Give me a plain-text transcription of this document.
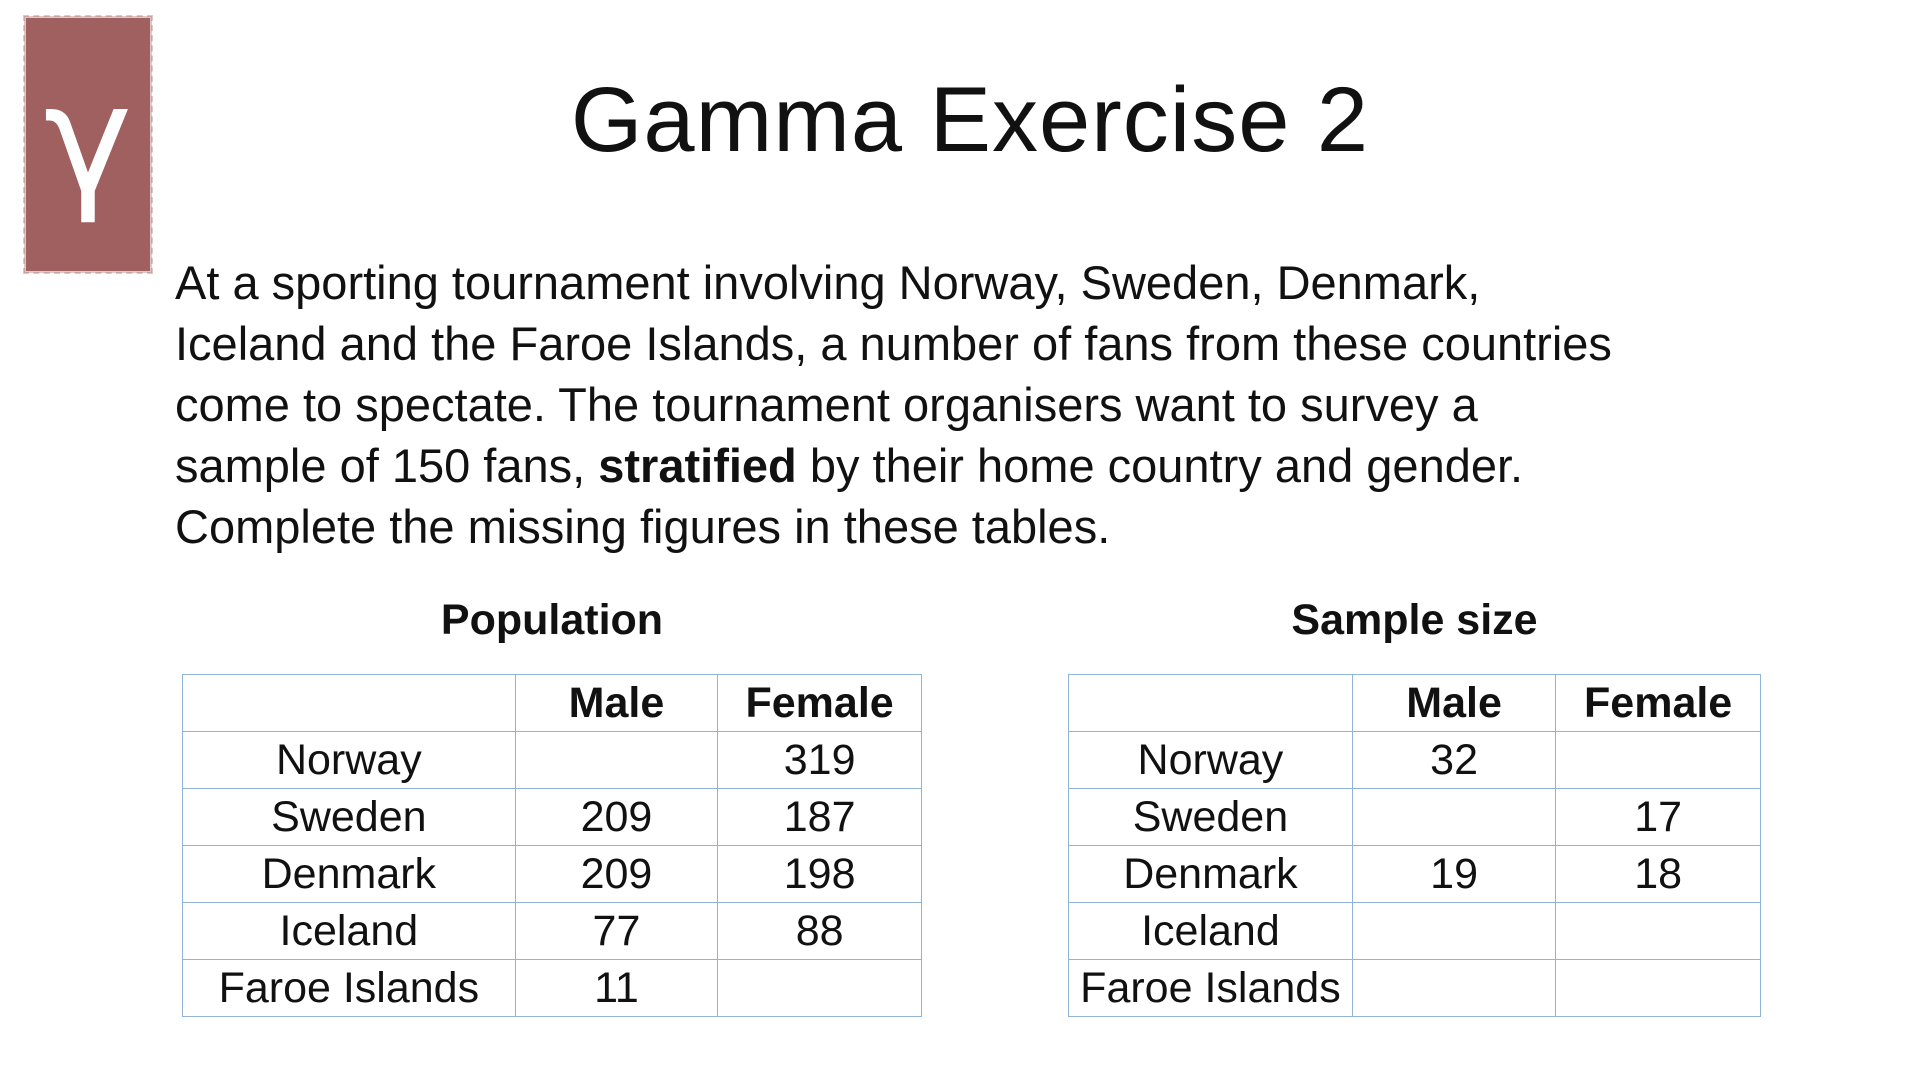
γ	Gamma Exercise 2

At a sporting tournament involving Norway, Sweden, Denmark,

Iceland and the Faroe Islands, a number of fans from these countries

come to spectate. The tournament organisers want to survey a

sample of 150 fans, stratified by their home country and gender.

Complete the missing figures in these tables.

Population
	Male	Female
Norway		319
Sweden	209	187
Denmark	209	198
Iceland	77	88
Faroe Islands	11	
Sample size
	Male	Female
Norway	32	
Sweden		17
Denmark	19	18
Iceland		
Faroe Islands		
